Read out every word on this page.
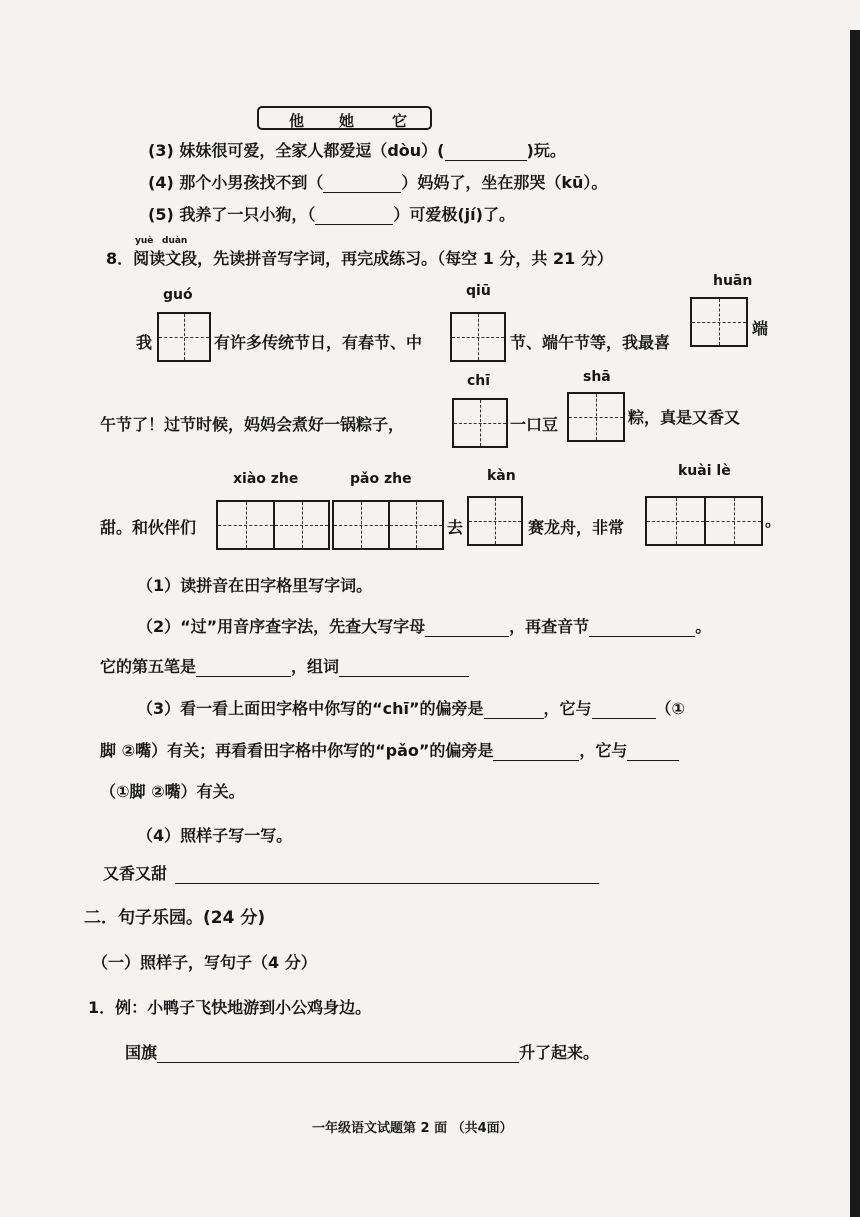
他 她	它
(3) 妹妹很可爱，全家人都爱逗（dòu）(	)玩。
(4) 那个小男孩找不到（	）妈妈了，坐在那哭（kū）。
(5) 我养了一只小狗，（	）可爱极(jí)了。
yuè duàn
8．阅读文段，先读拼音写字词，再完成练习。（每空 1 分，共 21 分）
guó	qiū
huān
我	有许多传统节日，有春节、中	节、端午节等，我最喜
端
chī	shā
午节了！过节时候，妈妈会煮好一锅粽子，	一口豆	粽，真是又香又
xiào zhe	pǎo zhe	kàn	kuài lè
甜。和伙伴们	去	赛龙舟，非常	。
（1）读拼音在田字格里写字词。
（2）“过”用音序查字法，先查大写字母	，再查音节	。
它的第五笔是	，组词
（3）看一看上面田字格中你写的“chī”的偏旁是	，它与	（①
脚 ②嘴）有关；再看看田字格中你写的“pǎo”的偏旁是	，它与
（①脚 ②嘴）有关。
（4）照样子写一写。
又香又甜
二．句子乐园。(24 分)
（一）照样子，写句子（4 分）
1．例：小鸭子飞快地游到小公鸡身边。
国旗	升了起来。
一年级语文试题第 2 面 （共4面）
